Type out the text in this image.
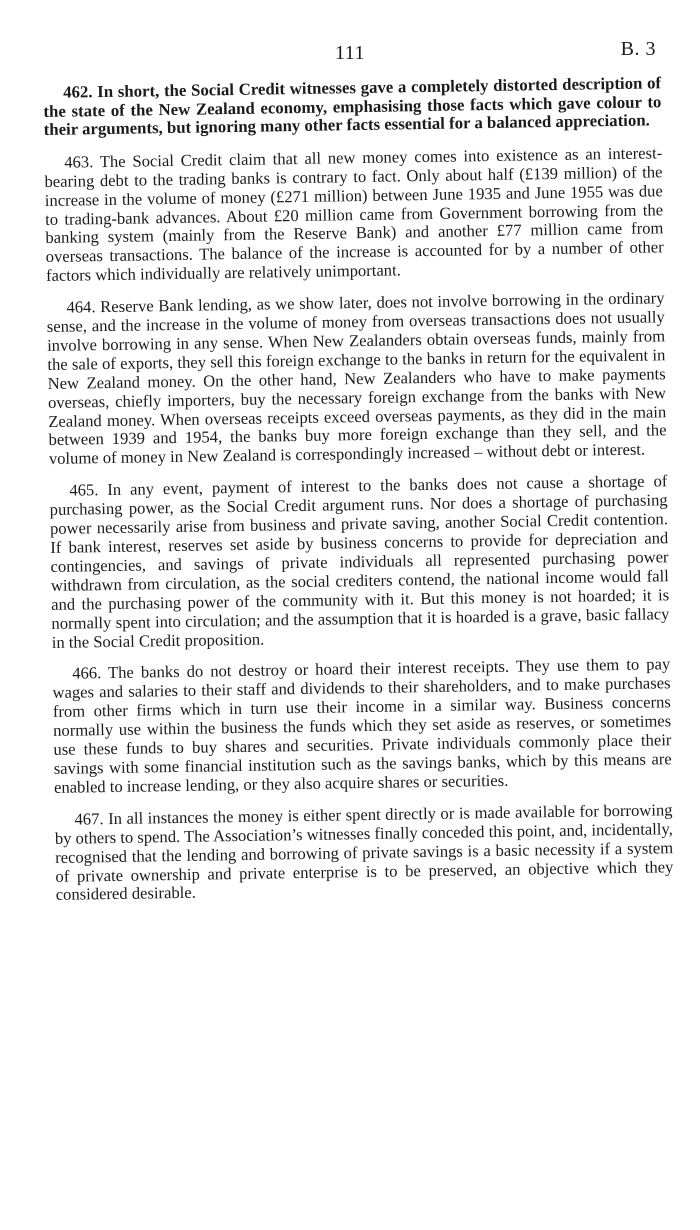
111	B. 3

462. In short, the Social Credit witnesses gave a completely distorted description of the state of the New Zealand economy, emphasising those facts which gave colour to their arguments, but ignoring many other facts essential for a balanced appreciation.

463. The Social Credit claim that all new money comes into existence as an interest-bearing debt to the trading banks is contrary to fact. Only about half (£139 million) of the increase in the volume of money (£271 million) between June 1935 and June 1955 was due to trading-bank advances. About £20 million came from Government borrowing from the banking system (mainly from the Reserve Bank) and another £77 million came from overseas transactions. The balance of the increase is accounted for by a number of other factors which individually are relatively unimportant.

464. Reserve Bank lending, as we show later, does not involve borrowing in the ordinary sense, and the increase in the volume of money from overseas transactions does not usually involve borrowing in any sense. When New Zealanders obtain overseas funds, mainly from the sale of exports, they sell this foreign exchange to the banks in return for the equivalent in New Zealand money. On the other hand, New Zealanders who have to make payments overseas, chiefly importers, buy the necessary foreign exchange from the banks with New Zealand money. When overseas receipts exceed overseas payments, as they did in the main between 1939 and 1954, the banks buy more foreign exchange than they sell, and the volume of money in New Zealand is correspondingly increased – without debt or interest.

465. In any event, payment of interest to the banks does not cause a shortage of purchasing power, as the Social Credit argument runs. Nor does a shortage of purchasing power necessarily arise from business and private saving, another Social Credit contention. If bank interest, reserves set aside by business concerns to provide for depreciation and contingencies, and savings of private individuals all represented purchasing power withdrawn from circulation, as the social crediters contend, the national income would fall and the purchasing power of the community with it. But this money is not hoarded; it is normally spent into circulation; and the assumption that it is hoarded is a grave, basic fallacy in the Social Credit proposition.

466. The banks do not destroy or hoard their interest receipts. They use them to pay wages and salaries to their staff and dividends to their shareholders, and to make purchases from other firms which in turn use their income in a similar way. Business concerns normally use within the business the funds which they set aside as reserves, or sometimes use these funds to buy shares and securities. Private individuals commonly place their savings with some financial institution such as the savings banks, which by this means are enabled to increase lending, or they also acquire shares or securities.

467. In all instances the money is either spent directly or is made available for borrowing by others to spend. The Association’s witnesses finally conceded this point, and, incidentally, recognised that the lending and borrowing of private savings is a basic necessity if a system of private ownership and private enterprise is to be preserved, an objective which they considered desirable.
